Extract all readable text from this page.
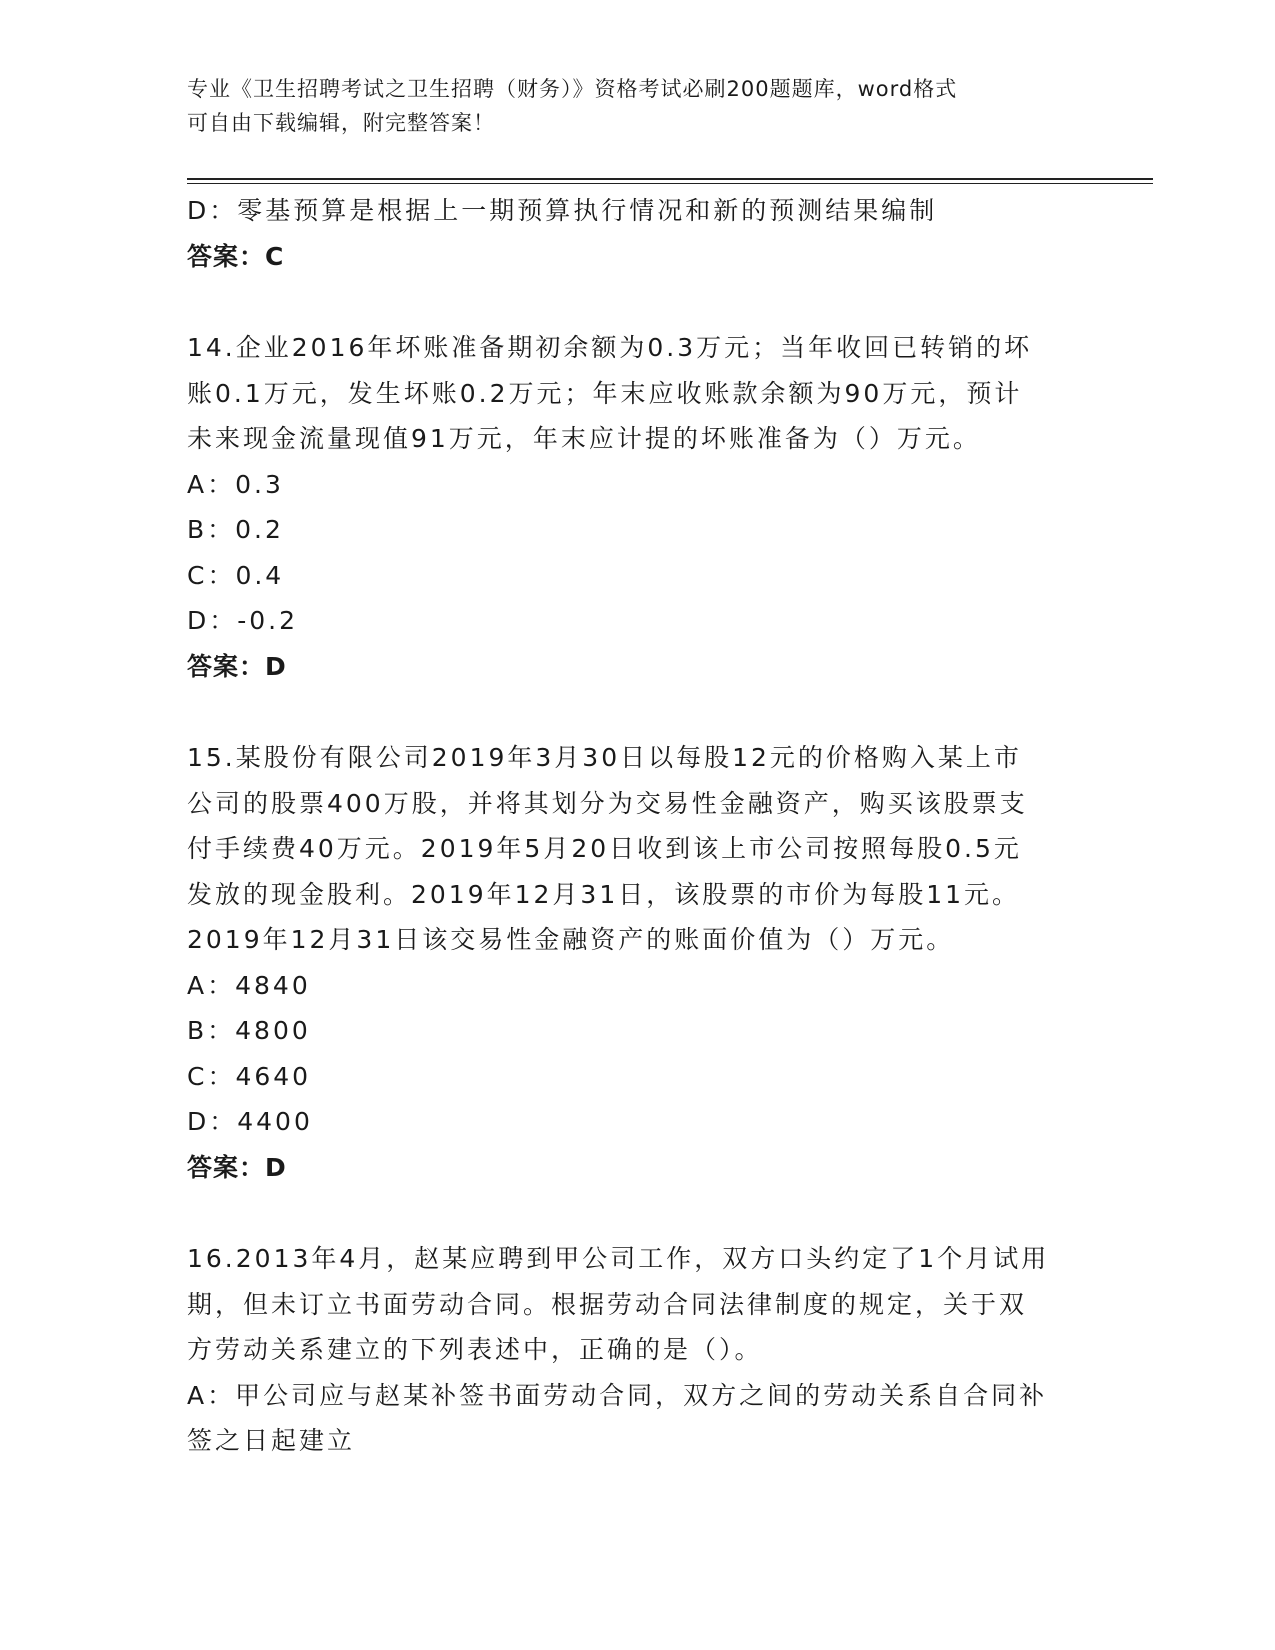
专业《卫生招聘考试之卫生招聘（财务）》资格考试必刷200题题库，word格式
可自由下载编辑，附完整答案！
D：零基预算是根据上一期预算执行情况和新的预测结果编制
答案：C
14.企业2016年坏账准备期初余额为0.3万元；当年收回已转销的坏
账0.1万元，发生坏账0.2万元；年末应收账款余额为90万元，预计
未来现金流量现值91万元，年末应计提的坏账准备为（）万元。
A：0.3
B：0.2
C：0.4
D：-0.2
答案：D
15.某股份有限公司2019年3月30日以每股12元的价格购入某上市
公司的股票400万股，并将其划分为交易性金融资产，购买该股票支
付手续费40万元。2019年5月20日收到该上市公司按照每股0.5元
发放的现金股利。2019年12月31日，该股票的市价为每股11元。
2019年12月31日该交易性金融资产的账面价值为（）万元。
A：4840
B：4800
C：4640
D：4400
答案：D
16.2013年4月，赵某应聘到甲公司工作，双方口头约定了1个月试用
期，但未订立书面劳动合同。根据劳动合同法律制度的规定，关于双
方劳动关系建立的下列表述中，正确的是（）。
A：甲公司应与赵某补签书面劳动合同，双方之间的劳动关系自合同补
签之日起建立
